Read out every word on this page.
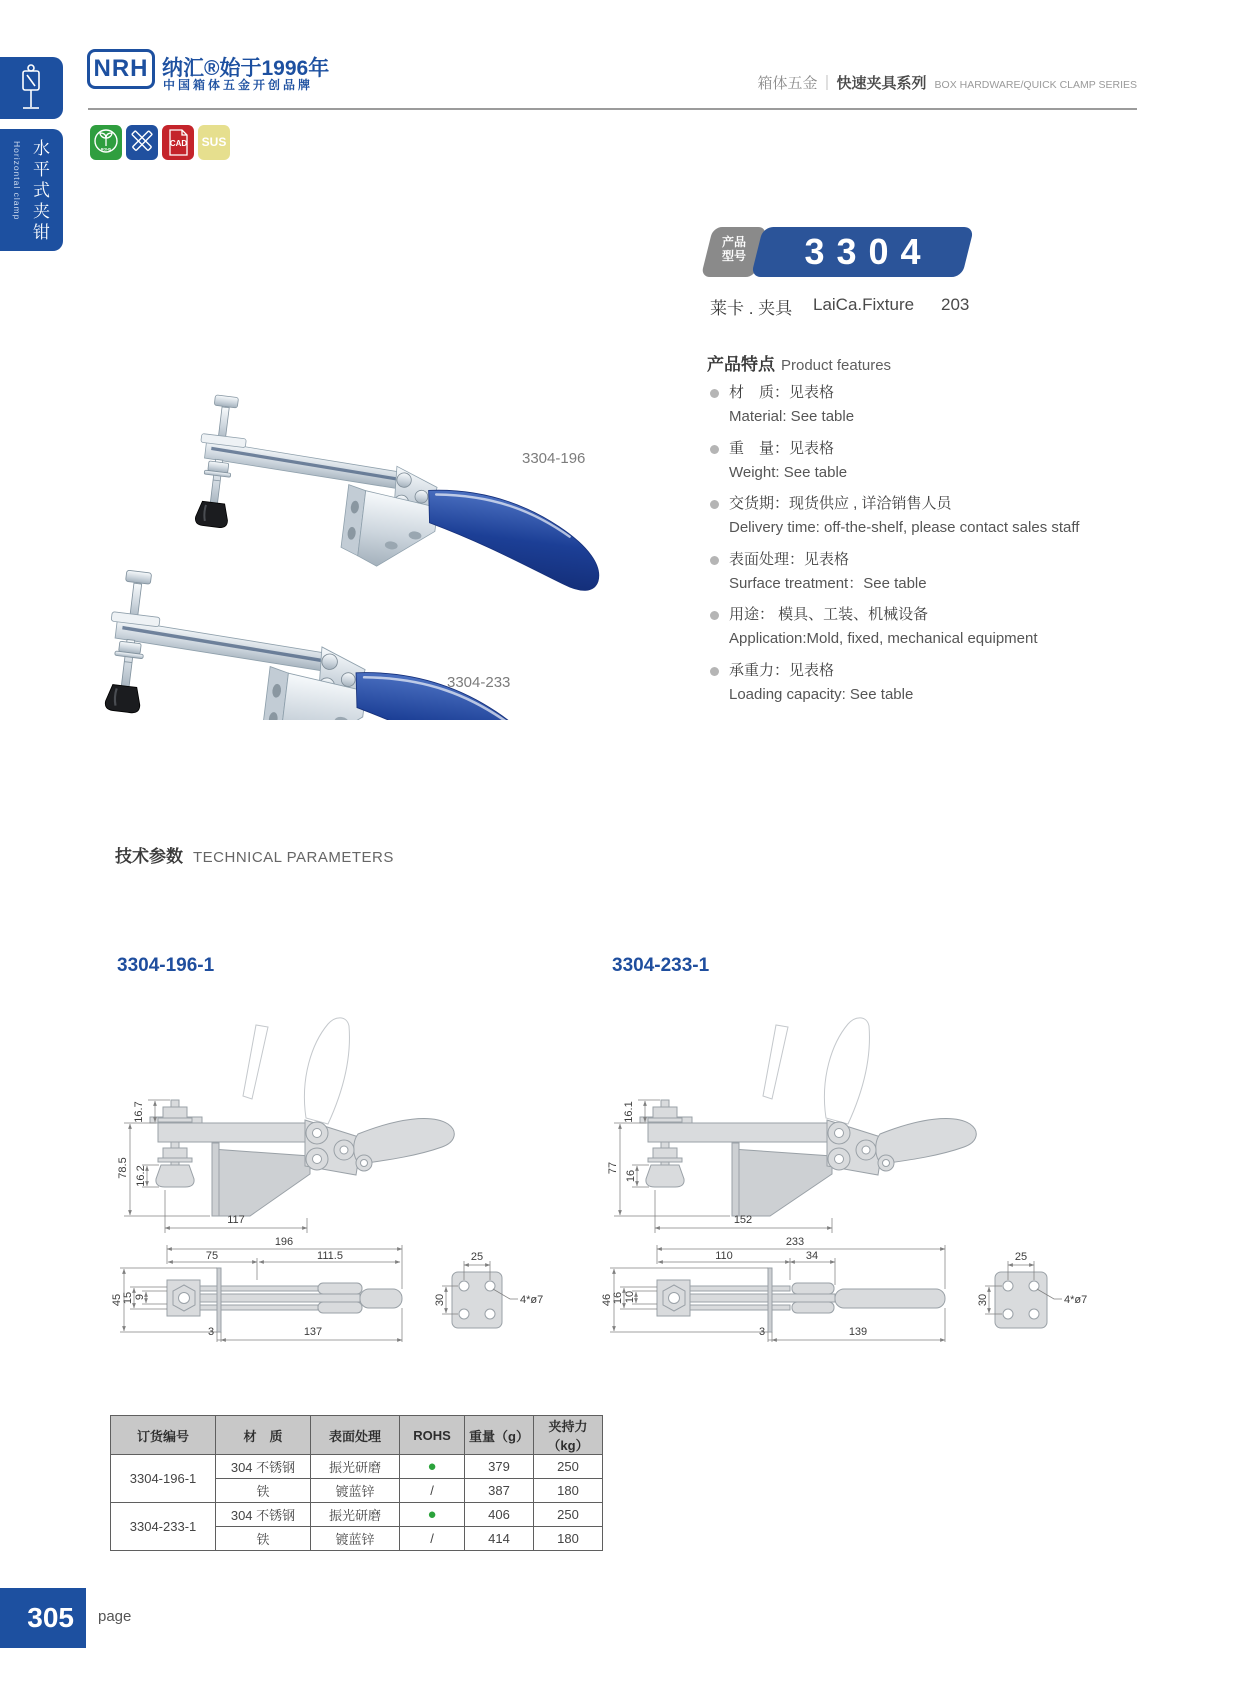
Horizontal clamp 水平式夹钳
NRH 纳汇®始于1996年
中国箱体五金开创品牌	箱体五金 ｜ 快速夹具系列 BOX HARDWARE/QUICK CLAMP SERIES
ROHS
CAD	SUS
3304-196
3304-233
产品
型号	3304
莱卡 . 夹具 LaiCa.Fixture 203
产品特点 Product features
材　质：见表格
Material: See table
重　量：见表格
Weight: See table
交货期：现货供应 , 详洽销售人员
Delivery time: off-the-shelf, please contact sales staff
表面处理：见表格
Surface treatment：See table
用途： 模具、工装、机械设备
Application:Mold, fixed, mechanical equipment
承重力：见表格
Loading capacity: See table
技术参数 TECHNICAL PARAMETERS
3304-196-1	3304-233-1
16.7
78.5 16.2
117
196
75	111.5
45 15 9
3	137
25
30	4*ø7
16.1
77
16
152
233
110	34
46 16 10
3	139
25
30	4*ø7
订货编号	材　质	表面处理	ROHS	重量（g）	夹持力（kg）
3304-196-1	304 不锈钢	振光研磨	●	379	250
	铁	镀蓝锌	/	387	180
3304-233-1	304 不锈钢	振光研磨	●	406	250
	铁	镀蓝锌	/	414	180
305 page
